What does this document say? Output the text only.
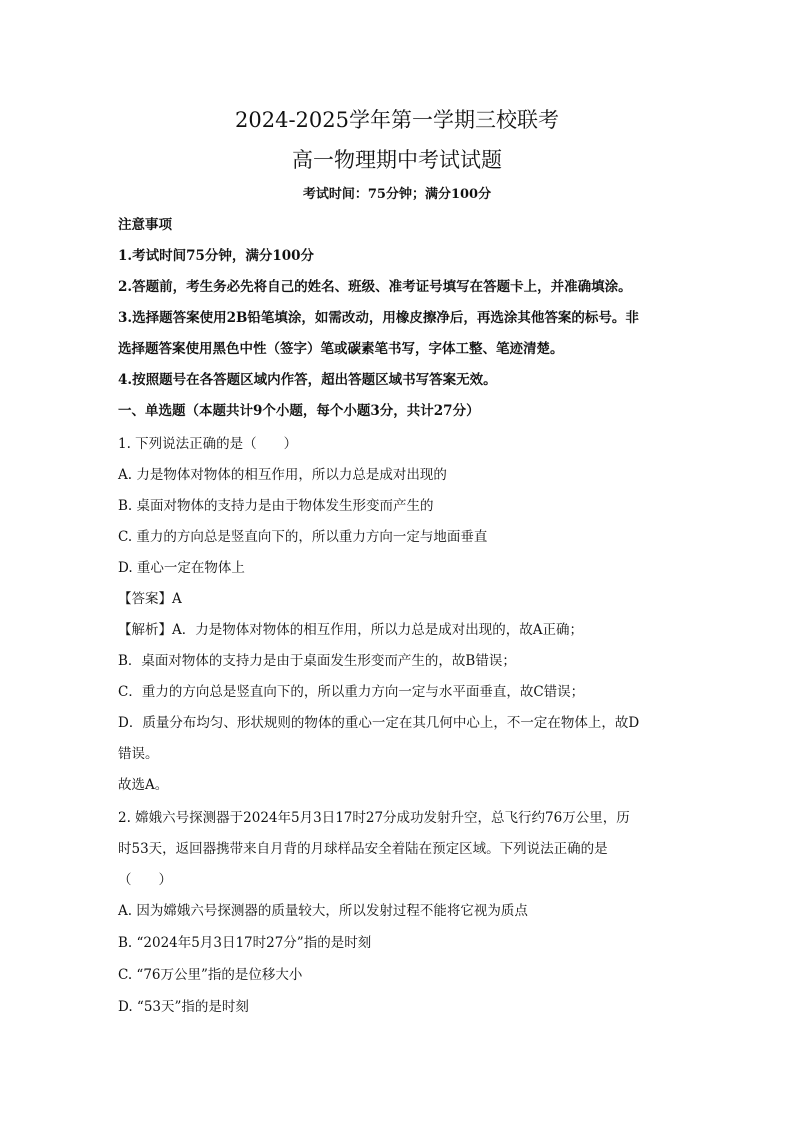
2024-2025学年第一学期三校联考
高一物理期中考试试题
考试时间：75分钟；满分100分
注意事项
1.考试时间75分钟，满分100分
2.答题前，考生务必先将自己的姓名、班级、准考证号填写在答题卡上，并准确填涂。
3.选择题答案使用2B铅笔填涂，如需改动，用橡皮擦净后，再选涂其他答案的标号。非
选择题答案使用黑色中性（签字）笔或碳素笔书写，字体工整、笔迹清楚。
4.按照题号在各答题区域内作答，超出答题区域书写答案无效。
一、单选题（本题共计9个小题，每个小题3分，共计27分）
1. 下列说法正确的是（　　）
A. 力是物体对物体的相互作用，所以力总是成对出现的
B. 桌面对物体的支持力是由于物体发生形变而产生的
C. 重力的方向总是竖直向下的，所以重力方向一定与地面垂直
D. 重心一定在物体上
【答案】A
【解析】A．力是物体对物体的相互作用，所以力总是成对出现的，故A正确；
B．桌面对物体的支持力是由于桌面发生形变而产生的，故B错误；
C．重力的方向总是竖直向下的，所以重力方向一定与水平面垂直，故C错误；
D．质量分布均匀、形状规则的物体的重心一定在其几何中心上，不一定在物体上，故D
错误。
故选A。
2. 嫦娥六号探测器于2024年5月3日17时27分成功发射升空，总飞行约76万公里，历
时53天，返回器携带来自月背的月球样品安全着陆在预定区域。下列说法正确的是
（　　）
A. 因为嫦娥六号探测器的质量较大，所以发射过程不能将它视为质点
B. “2024年5月3日17时27分”指的是时刻
C. “76万公里”指的是位移大小
D. “53天”指的是时刻
